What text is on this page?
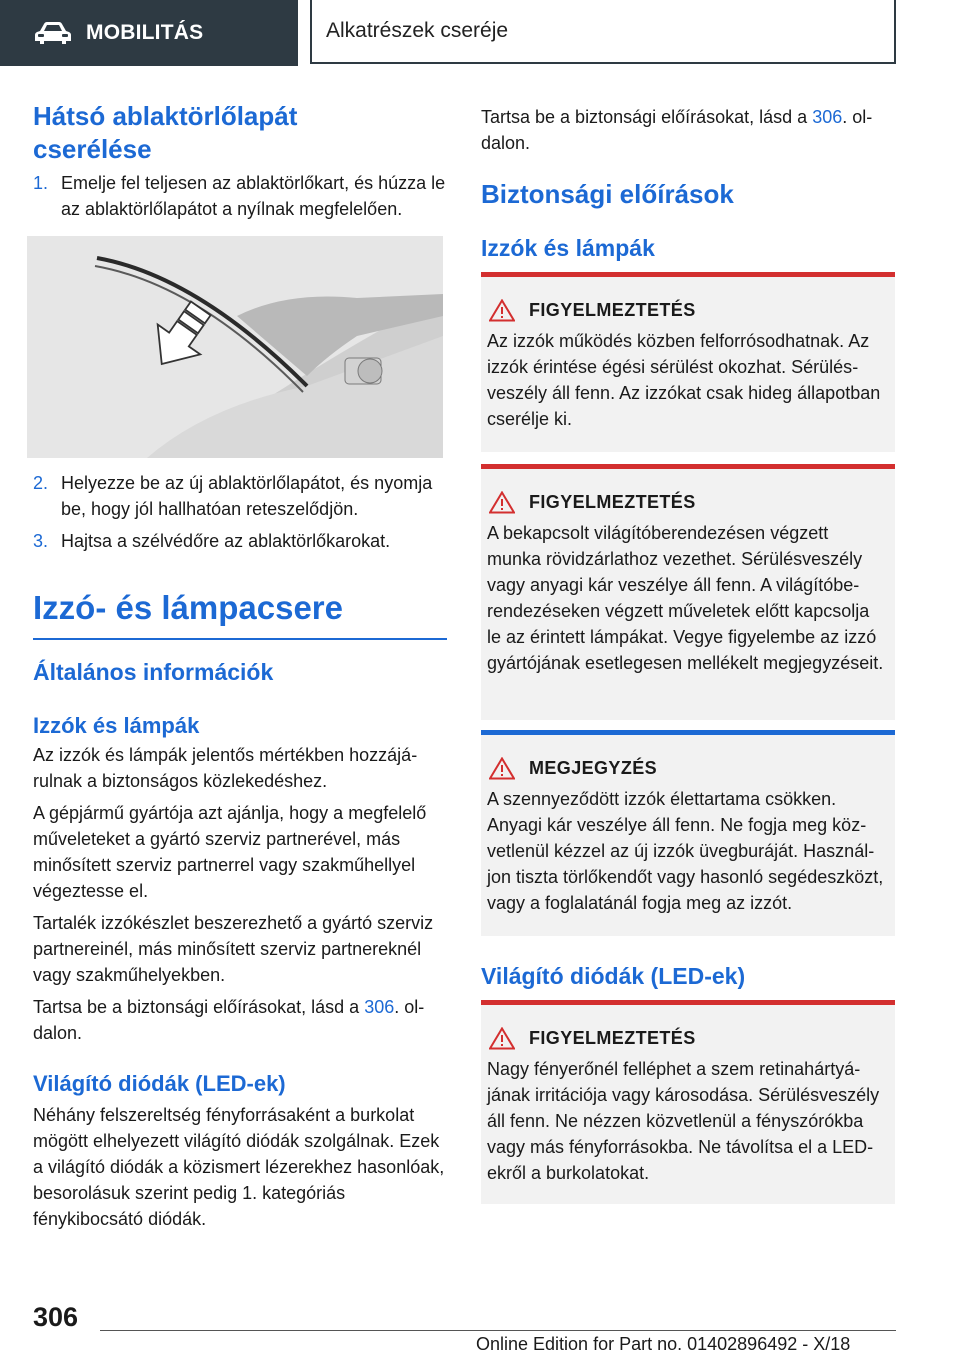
MOBILITÁS	Alkatrészek cseréje
Hátsó ablaktörlőlapát cserélése
1. Emelje fel teljesen az ablaktörlőkart, és húzza le az ablaktörlőlapátot a nyílnak megfelelően.
2. Helyezze be az új ablaktörlőlapátot, és nyomja be, hogy jól hallhatóan reteszelődjön.
3. Hajtsa a szélvédőre az ablaktörlőkarokat.
Izzó- és lámpacsere
Általános információk
Izzók és lámpák

Az izzók és lámpák jelentős mértékben hozzájárulnak a biztonságos közlekedéshez.

A gépjármű gyártója azt ajánlja, hogy a megfelelő műveleteket a gyártó szerviz partnerével, más minősített szerviz partnerrel vagy szakműhellyel végeztesse el.

Tartalék izzókészlet beszerezhető a gyártó szerviz partnereinél, más minősített szerviz partnereknél vagy szakműhelyekben.

Tartsa be a biztonsági előírásokat, lásd a 306. oldalon.

Világító diódák (LED-ek)

Néhány felszereltség fényforrásaként a burkolat mögött elhelyezett világító diódák szolgálnak. Ezek a világító diódák a közismert lézerekhez hasonlóak, besorolásuk szerint pedig 1. kategóriás fénykibocsátó diódák.

Tartsa be a biztonsági előírásokat, lásd a 306. oldalon.

Biztonsági előírások
Izzók és lámpák
FIGYELMEZTETÉS
Az izzók működés közben felforrósodhatnak. Az izzók érintése égési sérülést okozhat. Sérülésveszély áll fenn. Az izzókat csak hideg állapotban cserélje ki.
FIGYELMEZTETÉS
A bekapcsolt világítóberendezésen végzett munka rövidzárlathoz vezethet. Sérülésveszély vagy anyagi kár veszélye áll fenn. A világítóberendezéseken végzett műveletek előtt kapcsolja le az érintett lámpákat. Vegye figyelembe az izzó gyártójának esetlegesen mellékelt megjegyzéseit.
MEGJEGYZÉS
A szennyeződött izzók élettartama csökken. Anyagi kár veszélye áll fenn. Ne fogja meg közvetlenül kézzel az új izzók üvegburáját. Használjon tiszta törlőkendőt vagy hasonló segédeszközt, vagy a foglalatánál fogja meg az izzót.
Világító diódák (LED-ek)
FIGYELMEZTETÉS
Nagy fényerőnél felléphet a szem retinahártyájának irritációja vagy károsodása. Sérülésveszély áll fenn. Ne nézzen közvetlenül a fényszórókba vagy más fényforrásokba. Ne távolítsa el a LED-ekről a burkolatokat.
306
Online Edition for Part no. 01402896492 - X/18
